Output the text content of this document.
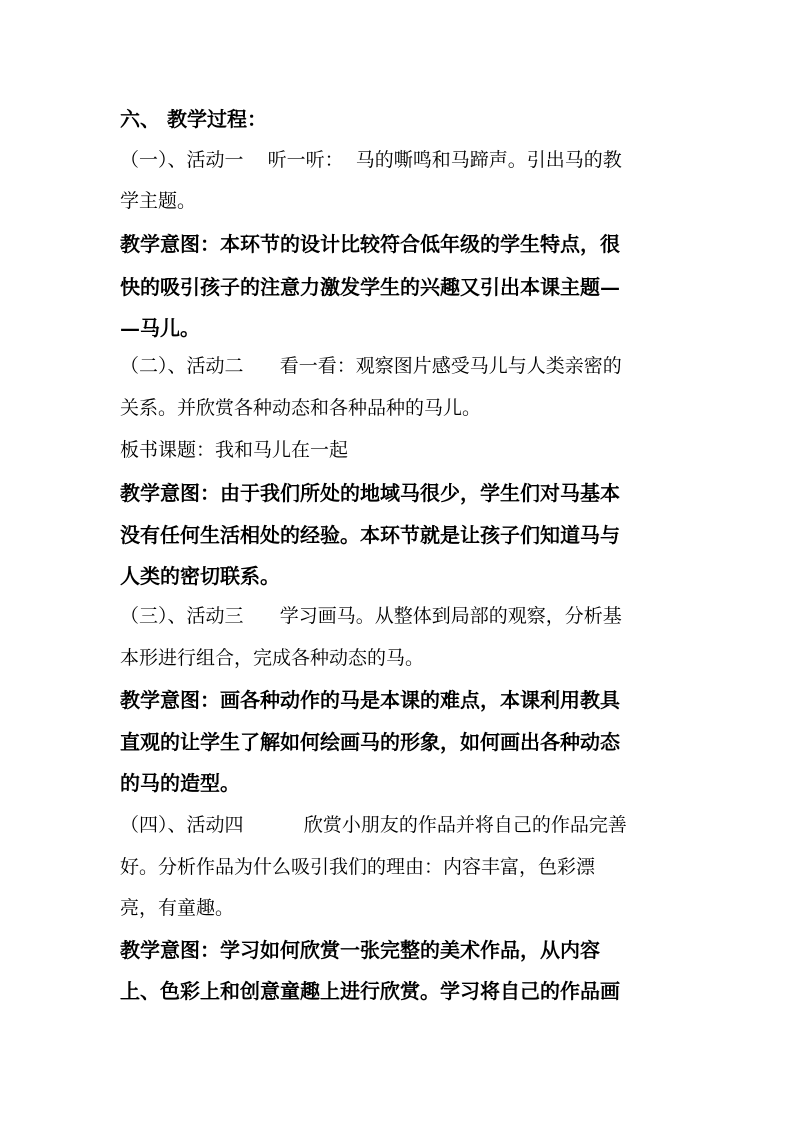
六、 教学过程：
（一）、活动一    听一听：  马的嘶鸣和马蹄声。引出马的教
学主题。
教学意图：本环节的设计比较符合低年级的学生特点，很
快的吸引孩子的注意力激发学生的兴趣又引出本课主题—
—马儿。
（二）、活动二      看一看：观察图片感受马儿与人类亲密的
关系。并欣赏各种动态和各种品种的马儿。
板书课题：我和马儿在一起
教学意图：由于我们所处的地域马很少，学生们对马基本
没有任何生活相处的经验。本环节就是让孩子们知道马与
人类的密切联系。
（三）、活动三      学习画马。从整体到局部的观察，分析基
本形进行组合，完成各种动态的马。
教学意图：画各种动作的马是本课的难点，本课利用教具
直观的让学生了解如何绘画马的形象，如何画出各种动态
的马的造型。
（四）、活动四          欣赏小朋友的作品并将自己的作品完善
好。分析作品为什么吸引我们的理由：内容丰富，色彩漂
亮，有童趣。
教学意图：学习如何欣赏一张完整的美术作品，从内容
上、色彩上和创意童趣上进行欣赏。学习将自己的作品画
